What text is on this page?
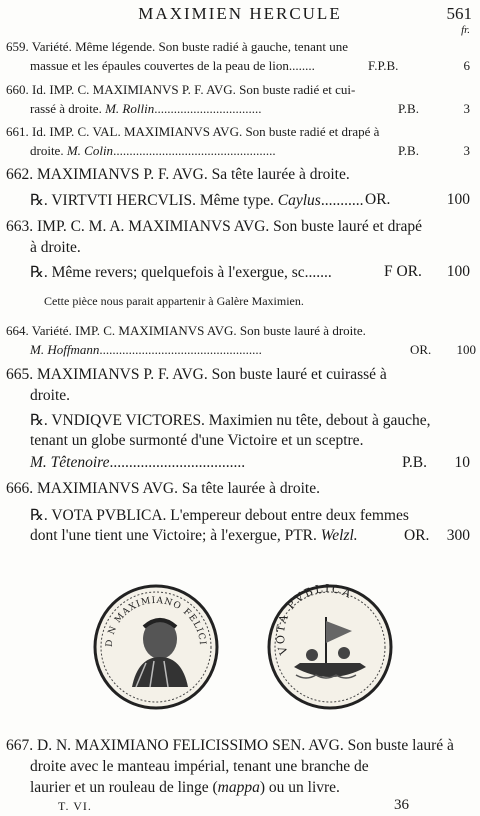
MAXIMIEN HERCULE	561
fr.
659. Variété. Même légende. Son buste radié à gauche, tenant une
massue et les épaules couvertes de la peau de lion........	F.P.B.	6
660. Id. IMP. C. MAXIMIANVS P. F. AVG. Son buste radié et cui-
rassé à droite. M. Rollin.................................	P.B.	3
661. Id. IMP. C. VAL. MAXIMIANVS AVG. Son buste radié et drapé à
droite. M. Colin..................................................	P.B.	3
662. MAXIMIANVS P. F. AVG. Sa tête laurée à droite.
℞. VIRTVTI HERCVLIS. Même type. Caylus........... OR.	100
663. IMP. C. M. A. MAXIMIANVS AVG. Son buste lauré et drapé
à droite.
℞. Même revers; quelquefois à l'exergue, sc.......	F OR. 100
Cette pièce nous parait appartenir à Galère Maximien.
664. Variété. IMP. C. MAXIMIANVS AVG. Son buste lauré à droite.
M. Hoffmann..................................................	OR. 100
665. MAXIMIANVS P. F. AVG. Son buste lauré et cuirassé à
droite.
℞. VNDIQVE VICTORES. Maximien nu tête, debout à gauche,
tenant un globe surmonté d'une Victoire et un sceptre.
M. Têtenoire...................................	P.B. 10
666. MAXIMIANVS AVG. Sa tête laurée à droite.
℞. VOTA PVBLICA. L'empereur debout entre deux femmes
dont l'une tient une Victoire; à l'exergue, PTR. Welzl.	OR. 300
D N MAXIMIANO FELICI	VOTA PVBLICA
667. D. N. MAXIMIANO FELICISSIMO SEN. AVG. Son buste lauré à
droite avec le manteau impérial, tenant une branche de
laurier et un rouleau de linge (mappa) ou un livre.
T. VI.	36
